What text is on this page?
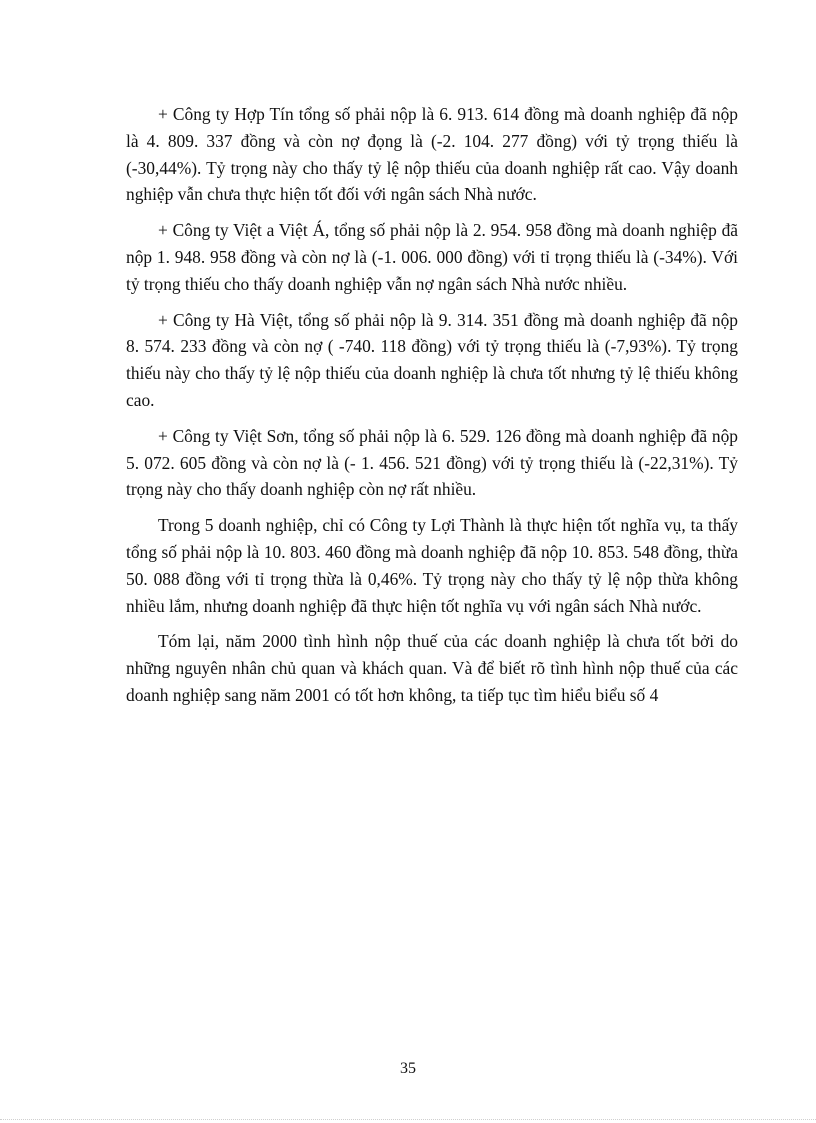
+ Công ty Hợp Tín tổng số phải nộp là 6. 913. 614 đồng mà doanh nghiệp đã nộp là 4. 809. 337 đồng và còn nợ đọng là (-2. 104. 277 đồng) với tỷ trọng thiếu là (-30,44%). Tỷ trọng này cho thấy tỷ lệ nộp thiếu của doanh nghiệp rất cao. Vậy doanh nghiệp vẫn chưa thực hiện tốt đối với ngân sách Nhà nước.

+ Công ty Việt a Việt Á, tổng số phải nộp là 2. 954. 958 đồng mà doanh nghiệp đã nộp 1. 948. 958 đồng và còn nợ là (-1. 006. 000 đồng) với tỉ trọng thiếu là (-34%). Với tỷ trọng thiếu cho thấy doanh nghiệp vẫn nợ ngân sách Nhà nước nhiều.

+ Công ty Hà Việt, tổng số phải nộp là 9. 314. 351 đồng mà doanh nghiệp đã nộp 8. 574. 233 đồng và còn nợ ( -740. 118 đồng) với tỷ trọng thiếu là (-7,93%). Tỷ trọng thiếu này cho thấy tỷ lệ nộp thiếu của doanh nghiệp là chưa tốt nhưng tỷ lệ thiếu không cao.

+ Công ty Việt Sơn, tổng số phải nộp là 6. 529. 126 đồng mà doanh nghiệp đã nộp 5. 072. 605 đồng và còn nợ là (- 1. 456. 521 đồng) với tỷ trọng thiếu là (-22,31%). Tỷ trọng này cho thấy doanh nghiệp còn nợ rất nhiều.

Trong 5 doanh nghiệp, chỉ có Công ty Lợi Thành là thực hiện tốt nghĩa vụ, ta thấy tổng số phải nộp là 10. 803. 460 đồng mà doanh nghiệp đã nộp 10. 853. 548 đồng, thừa 50. 088 đồng với tỉ trọng thừa là 0,46%. Tỷ trọng này cho thấy tỷ lệ nộp thừa không nhiều lắm, nhưng doanh nghiệp đã thực hiện tốt nghĩa vụ với ngân sách Nhà nước.

Tóm lại, năm 2000 tình hình nộp thuế của các doanh nghiệp là chưa tốt bởi do những nguyên nhân chủ quan và khách quan. Và để biết rõ tình hình nộp thuế của các doanh nghiệp sang năm 2001 có tốt hơn không, ta tiếp tục tìm hiểu biểu số 4

35
